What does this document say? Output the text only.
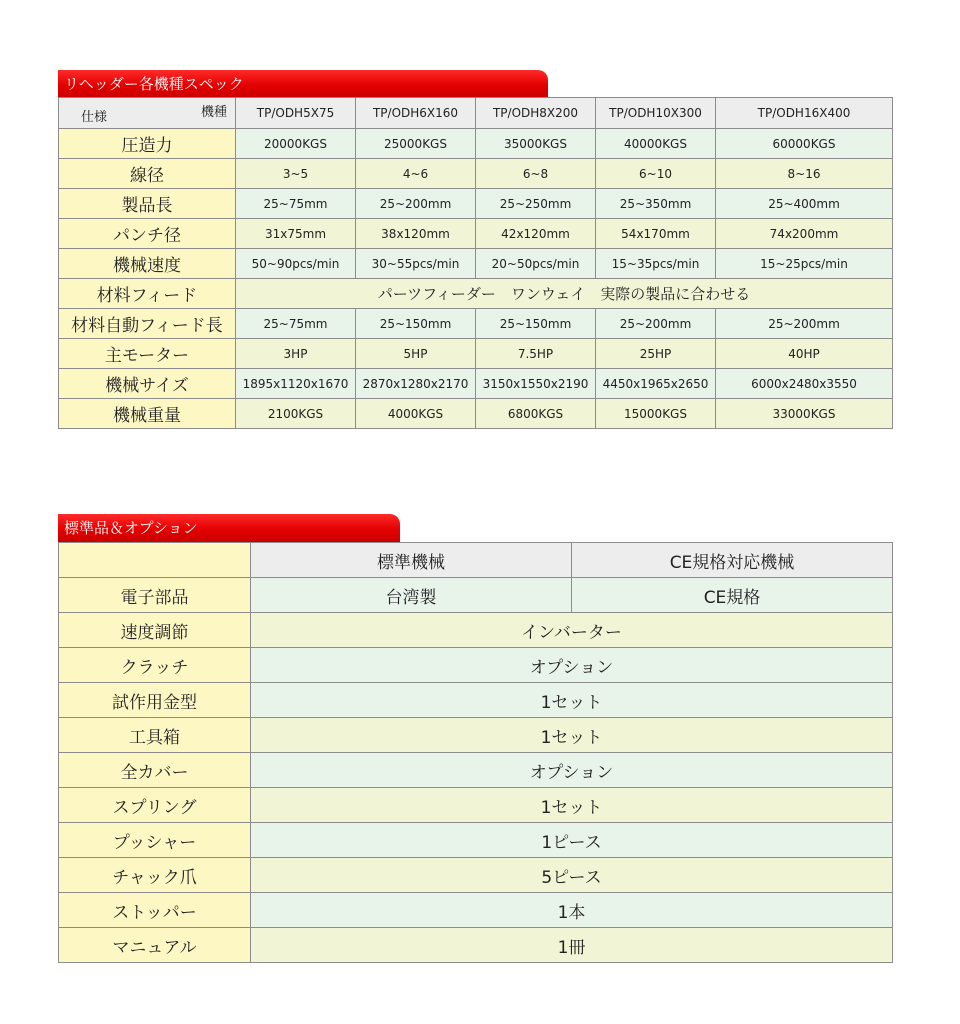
リヘッダー各機種スペック
機種
仕様	TP/ODH5X75	TP/ODH6X160	TP/ODH8X200	TP/ODH10X300	TP/ODH16X400
圧造力	20000KGS	25000KGS	35000KGS	40000KGS	60000KGS
線径	3~5	4~6	6~8	6~10	8~16
製品長	25~75mm	25~200mm	25~250mm	25~350mm	25~400mm
パンチ径	31x75mm	38x120mm	42x120mm	54x170mm	74x200mm
機械速度	50~90pcs/min	30~55pcs/min	20~50pcs/min	15~35pcs/min	15~25pcs/min
材料フィード	パーツフィーダー　ワンウェイ　実際の製品に合わせる				
材料自動フィード長	25~75mm	25~150mm	25~150mm	25~200mm	25~200mm
主モーター	3HP	5HP	7.5HP	25HP	40HP
機械サイズ	1895x1120x1670	2870x1280x2170	3150x1550x2190	4450x1965x2650	6000x2480x3550
機械重量	2100KGS	4000KGS	6800KGS	15000KGS	33000KGS
標準品＆オプション
	標準機械	CE規格対応機械
電子部品	台湾製	CE規格
速度調節	インバーター	
クラッチ	オプション	
試作用金型	1セット	
工具箱	1セット	
全カバー	オプション	
スプリング	1セット	
プッシャー	1ピース	
チャック爪	5ピース	
ストッパー	1本	
マニュアル	1冊	
